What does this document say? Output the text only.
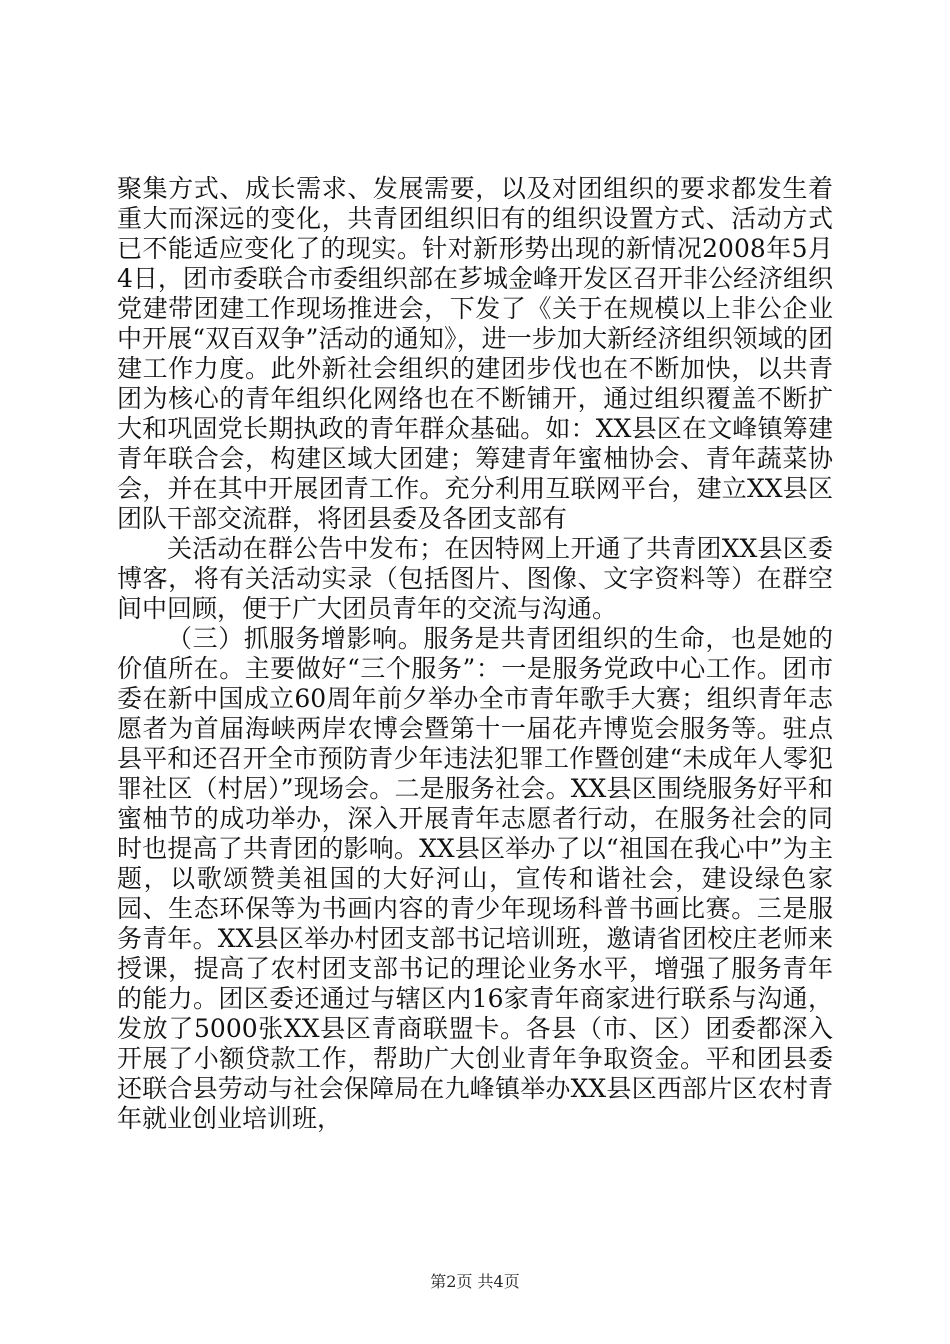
聚集方式、成长需求、发展需要，以及对团组织的要求都发生着重大而深远的变化，共青团组织旧有的组织设置方式、活动方式已不能适应变化了的现实。针对新形势出现的新情况2008年5月4日，团市委联合市委组织部在芗城金峰开发区召开非公经济组织党建带团建工作现场推进会，下发了《关于在规模以上非公企业中开展“双百双争”活动的通知》，进一步加大新经济组织领域的团建工作力度。此外新社会组织的建团步伐也在不断加快，以共青团为核心的青年组织化网络也在不断铺开，通过组织覆盖不断扩大和巩固党长期执政的青年群众基础。如：XX县区在文峰镇筹建青年联合会，构建区域大团建；筹建青年蜜柚协会、青年蔬菜协会，并在其中开展团青工作。充分利用互联网平台，建立XX县区团队干部交流群，将团县委及各团支部有

关活动在群公告中发布；在因特网上开通了共青团XX县区委博客，将有关活动实录（包括图片、图像、文字资料等）在群空间中回顾，便于广大团员青年的交流与沟通。

（三）抓服务增影响。服务是共青团组织的生命，也是她的价值所在。主要做好“三个服务”：一是服务党政中心工作。团市委在新中国成立60周年前夕举办全市青年歌手大赛；组织青年志愿者为首届海峡两岸农博会暨第十一届花卉博览会服务等。驻点县平和还召开全市预防青少年违法犯罪工作暨创建“未成年人零犯罪社区（村居）”现场会。二是服务社会。XX县区围绕服务好平和蜜柚节的成功举办，深入开展青年志愿者行动，在服务社会的同时也提高了共青团的影响。XX县区举办了以“祖国在我心中”为主题，以歌颂赞美祖国的大好河山，宣传和谐社会，建设绿色家园、生态环保等为书画内容的青少年现场科普书画比赛。三是服务青年。XX县区举办村团支部书记培训班，邀请省团校庄老师来授课，提高了农村团支部书记的理论业务水平，增强了服务青年的能力。团区委还通过与辖区内16家青年商家进行联系与沟通，发放了5000张XX县区青商联盟卡。各县（市、区）团委都深入开展了小额贷款工作，帮助广大创业青年争取资金。平和团县委还联合县劳动与社会保障局在九峰镇举办XX县区西部片区农村青年就业创业培训班，

第2页 共4页
